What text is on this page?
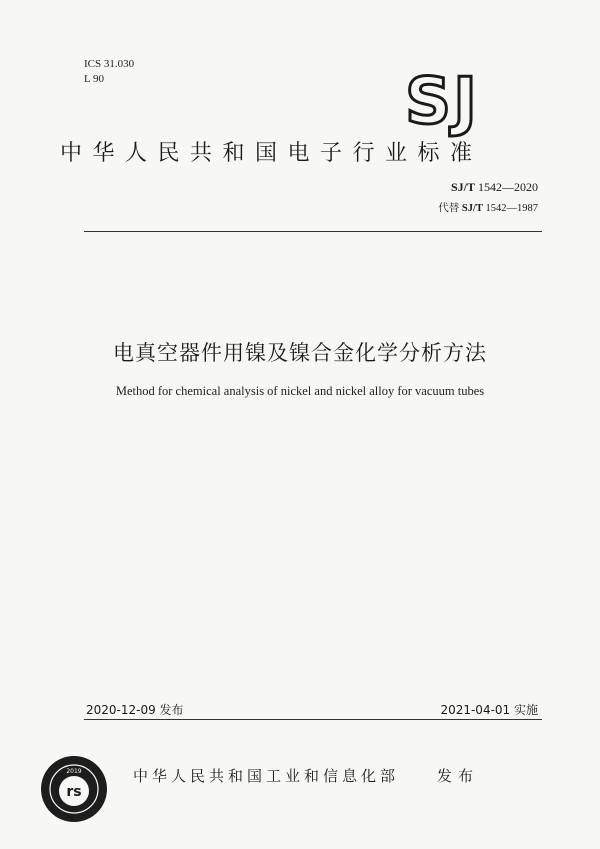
ICS 31.030
L 90	SJ
中华人民共和国电子行业标准
SJ/T 1542—2020
代替 SJ/T 1542—1987
电真空器件用镍及镍合金化学分析方法
Method for chemical analysis of nickel and nickel alloy for vacuum tubes
2020-12-09 发布	2021-04-01 实施
rs
2019	中华人民共和国工业和信息化部	发布
